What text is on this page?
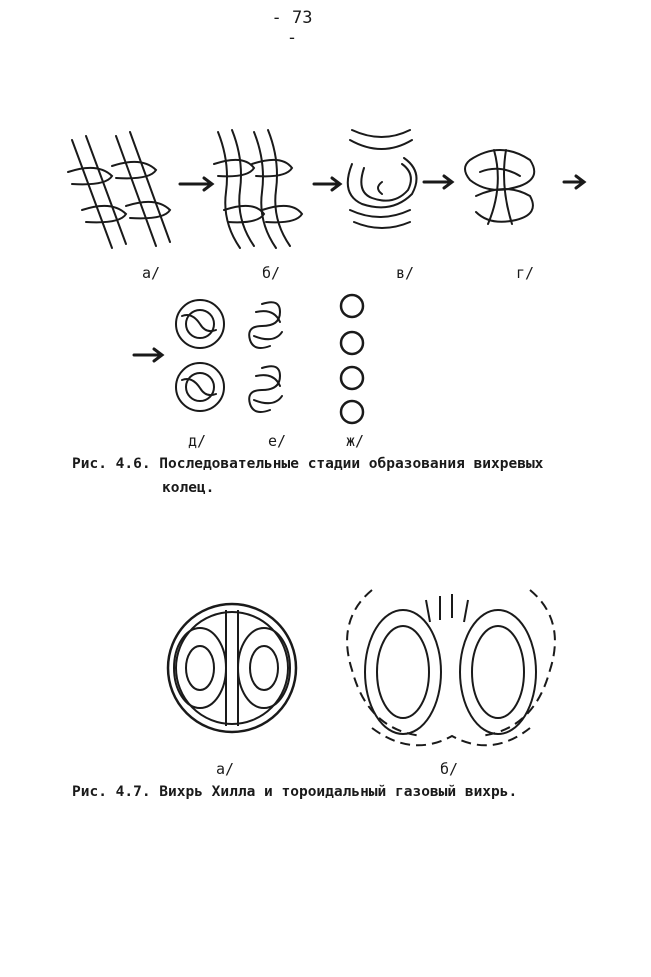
- 73 -
а/	б/	в/	г/
д/	е/	ж/
Рис. 4.6. Последовательные стадии образования вихревых
колец.
а/	б/
Рис. 4.7. Вихрь Хилла и тороидальный газовый вихрь.
